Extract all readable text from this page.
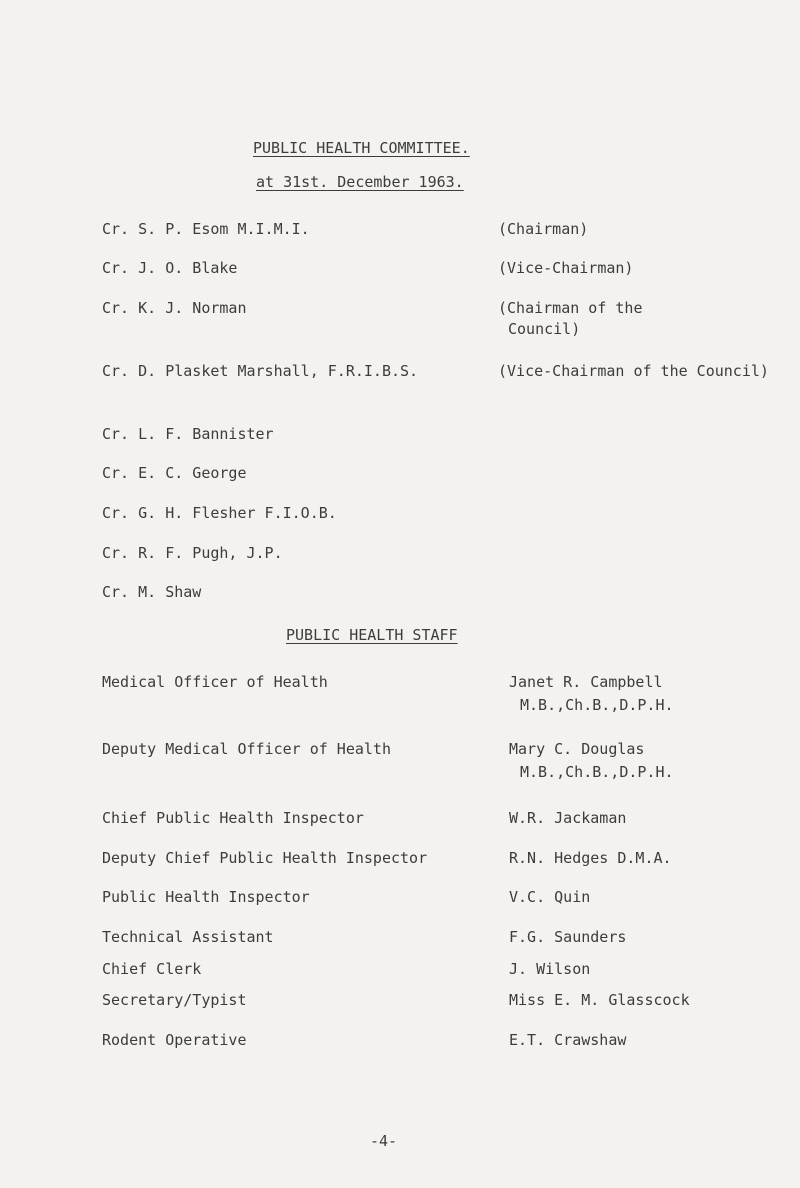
PUBLIC HEALTH COMMITTEE.
at 31st. December 1963.
Cr. S. P. Esom M.I.M.I.	(Chairman)
Cr. J. O. Blake	(Vice-Chairman)
Cr. K. J. Norman	(Chairman of the Council)
Cr. D. Plasket Marshall, F.R.I.B.S.	(Vice-Chairman of the Council)
Cr. L. F. Bannister
Cr. E. C. George
Cr. G. H. Flesher F.I.O.B.
Cr. R. F. Pugh, J.P.
Cr. M. Shaw
PUBLIC HEALTH STAFF
Medical Officer of Health	Janet R. Campbell
M.B.,Ch.B.,D.P.H.
Deputy Medical Officer of Health	Mary C. Douglas
M.B.,Ch.B.,D.P.H.
Chief Public Health Inspector	W.R. Jackaman
Deputy Chief Public Health Inspector	R.N. Hedges D.M.A.
Public Health Inspector	V.C. Quin
Technical Assistant	F.G. Saunders
Chief Clerk	J. Wilson
Secretary/Typist	Miss E. M. Glasscock
Rodent Operative	E.T. Crawshaw
-4-
